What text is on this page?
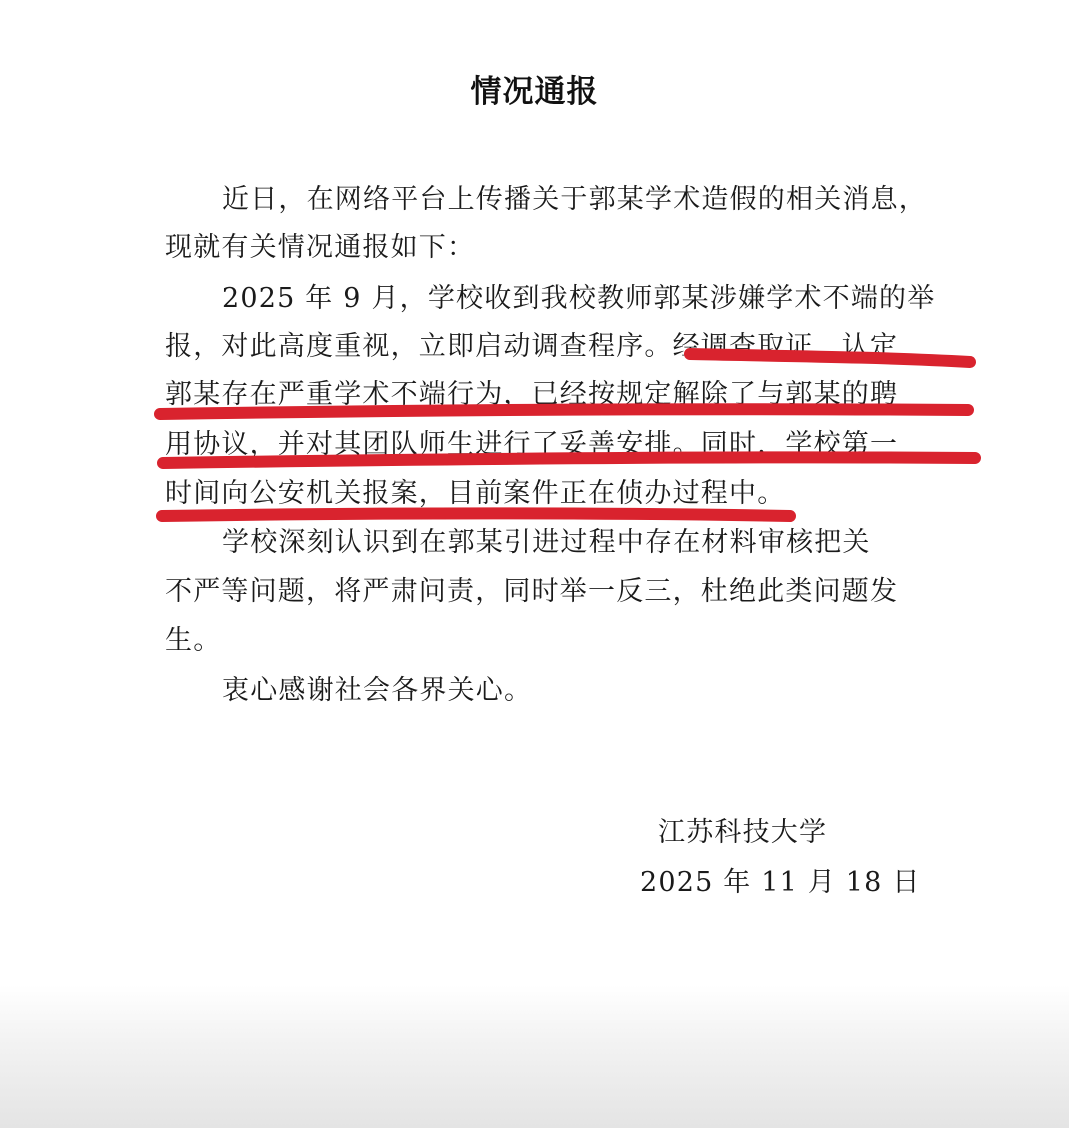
情况通报
近日，在网络平台上传播关于郭某学术造假的相关消息，
现就有关情况通报如下：
2025 年 9 月，学校收到我校教师郭某涉嫌学术不端的举
报，对此高度重视，立即启动调查程序。经调查取证，认定
郭某存在严重学术不端行为，已经按规定解除了与郭某的聘
用协议，并对其团队师生进行了妥善安排。同时，学校第一
时间向公安机关报案，目前案件正在侦办过程中。
学校深刻认识到在郭某引进过程中存在材料审核把关
不严等问题，将严肃问责，同时举一反三，杜绝此类问题发
生。
衷心感谢社会各界关心。
江苏科技大学
2025 年 11 月 18 日
